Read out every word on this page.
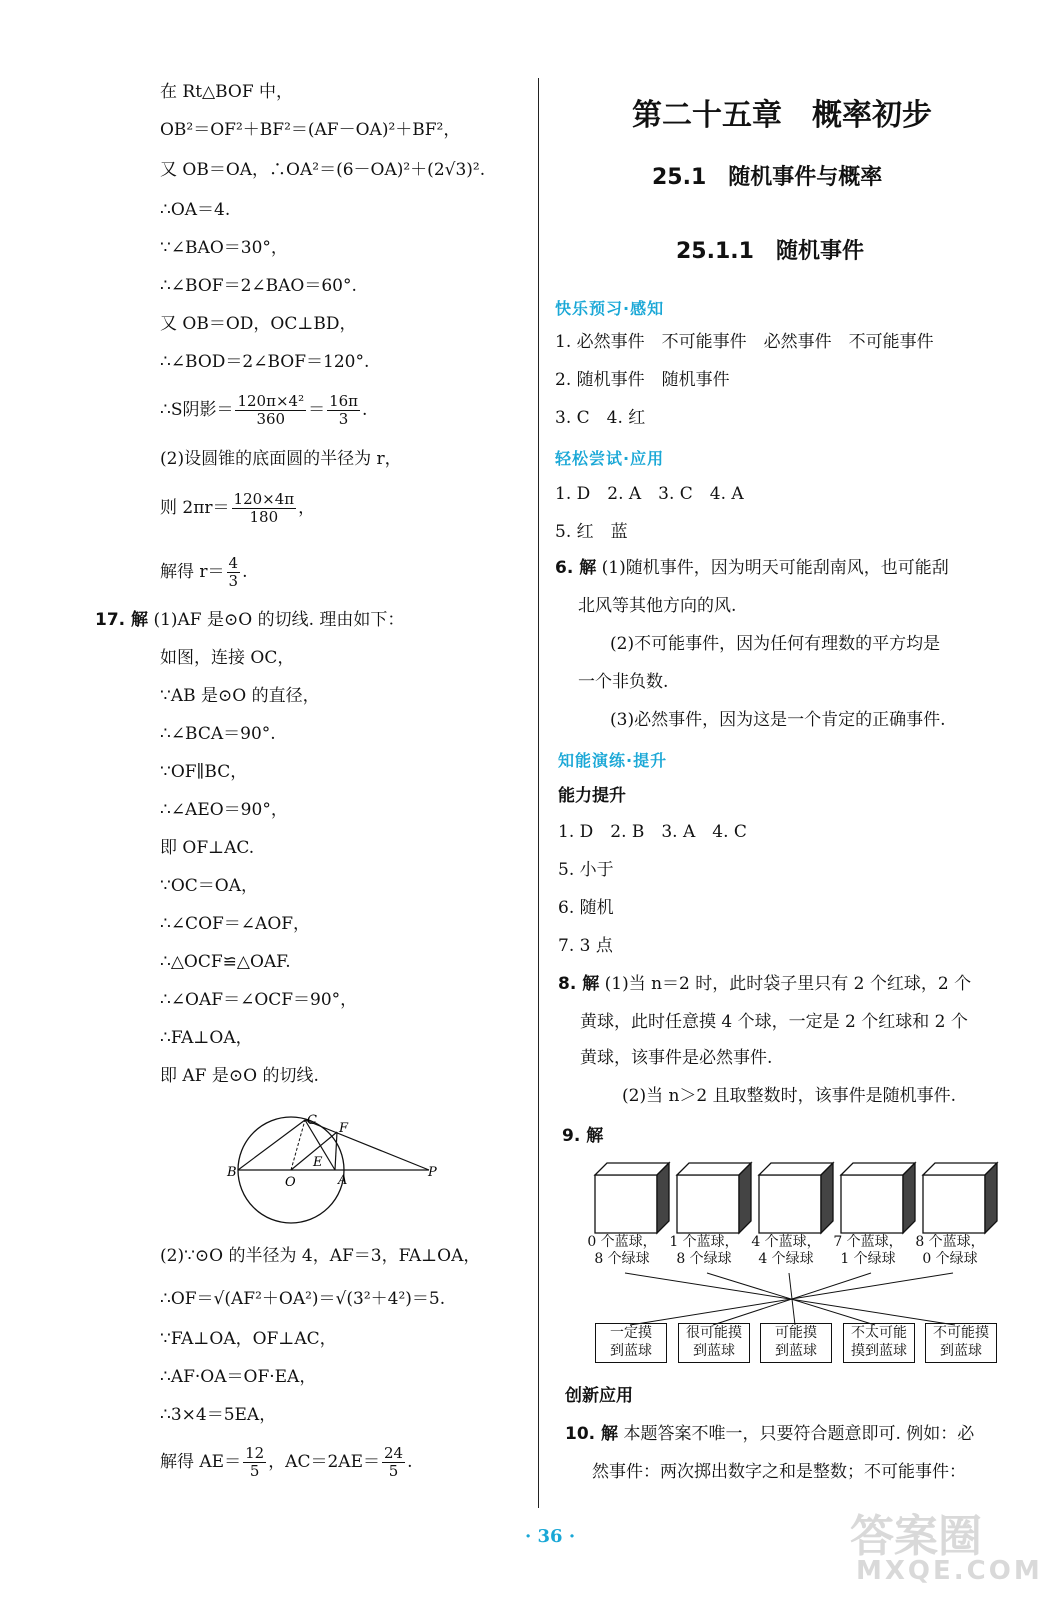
在 Rt△BOF 中，
OB²＝OF²＋BF²＝(AF－OA)²＋BF²，
又 OB＝OA，∴OA²＝(6－OA)²＋(2√3)².
∴OA＝4.
∵∠BAO＝30°，
∴∠BOF＝2∠BAO＝60°.
又 OB＝OD，OC⊥BD，
∴∠BOD＝2∠BOF＝120°.
∴S阴影＝ $\frac{\text{120π×4²}}{360} = \frac{16\pi}{3}$ .
(2)设圆锥的底面圆的半径为 r，
则 $2\pi r= \frac{120\times 4\pi}{180}$ ，
解得 $r= \frac{4}{3}$ .
17. 解 (1)AF 是⊙O 的切线. 理由如下：
如图，连接 OC，
∵AB 是⊙O 的直径，
∴∠BCA＝90°.
∵OF∥BC，
∴∠AEO＝90°，
即 OF⊥AC.
∵OC＝OA，
∴∠COF＝∠AOF，
∴△OCF≌△OAF.
∴∠OAF＝∠OCF＝90°，
∴FA⊥OA，
即 AF 是⊙O 的切线.
C
F
B
E
O	A
P
(2)∵⊙O 的半径为 4，AF＝3，FA⊥OA，
∴OF＝√(AF²＋OA²)＝√(3²＋4²)＝5.
∵FA⊥OA，OF⊥AC，
∴AF·OA＝OF·EA，
∴3×4＝5EA，
解得 $AE= \frac{12}{5}$ ，$AC=2AE= \frac{24}{5}$ .
第二十五章　概率初步
25.1　随机事件与概率
25.1.1　随机事件
快乐预习·感知
1. 必然事件　不可能事件　必然事件　不可能事件
2. 随机事件　随机事件
3. C　4. 红
轻松尝试·应用
1. D　2. A　3. C　4. A
5. 红　蓝
6. 解 (1)随机事件，因为明天可能刮南风，也可能刮
北风等其他方向的风.
(2)不可能事件，因为任何有理数的平方均是
一个非负数.
(3)必然事件，因为这是一个肯定的正确事件.
知能演练·提升
能力提升
1. D　2. B　3. A　4. C
5. 小于
6. 随机
7. 3 点
8. 解 (1)当 n＝2 时，此时袋子里只有 2 个红球，2 个
黄球，此时任意摸 4 个球，一定是 2 个红球和 2 个
黄球，该事件是必然事件.
(2)当 n＞2 且取整数时，该事件是随机事件.
9. 解
0 个蓝球，
8 个绿球
1 个蓝球，
8 个绿球
4 个蓝球，
4 个绿球
7 个蓝球，
1 个绿球
8 个蓝球，
0 个绿球
一定摸
到蓝球
很可能摸
到蓝球
可能摸
到蓝球
不太可能
摸到蓝球
不可能摸
到蓝球
创新应用
10. 解 本题答案不唯一，只要符合题意即可. 例如：必
然事件：两次掷出数字之和是整数；不可能事件：
· 36 ·	答案圈
MXQE.COM
